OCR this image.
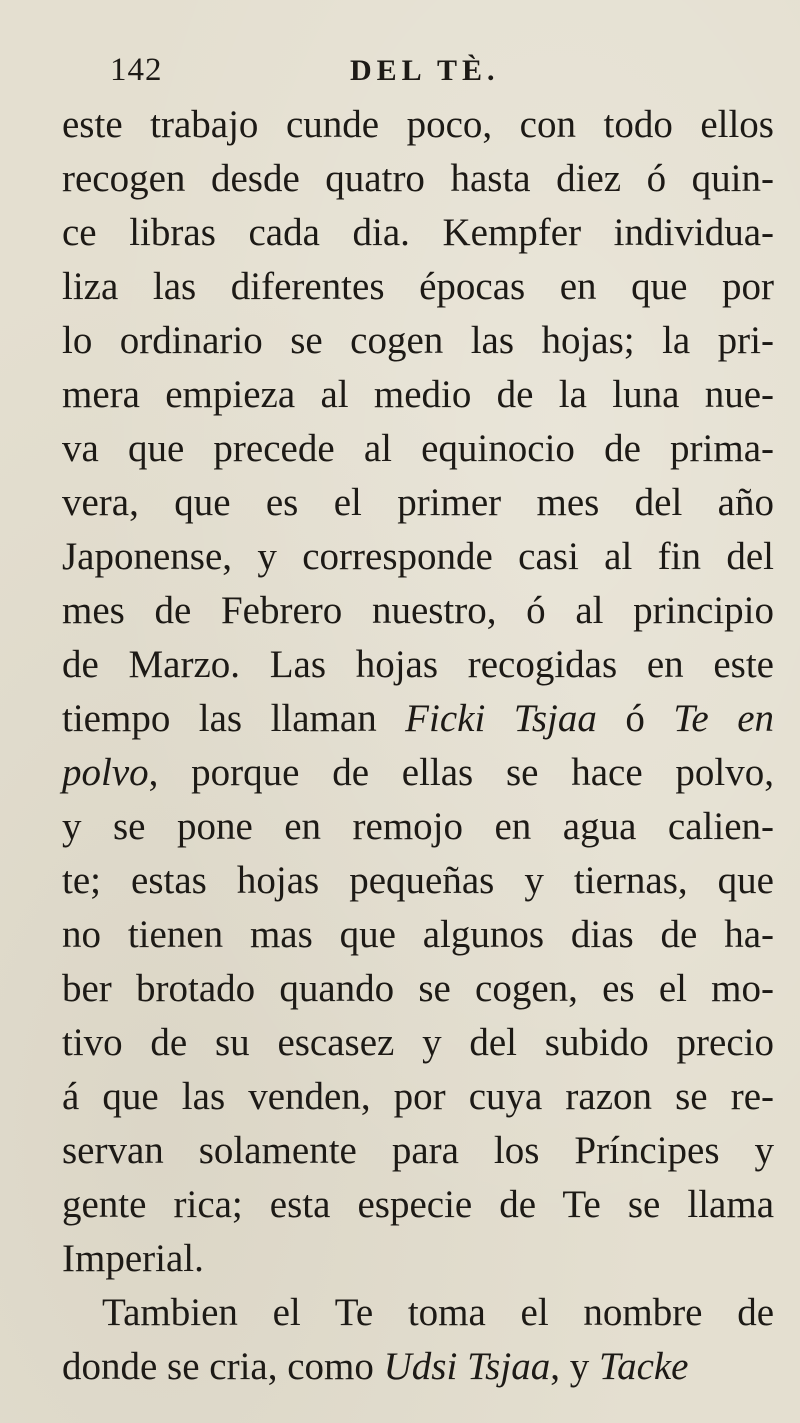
142	DEL TÈ.
este trabajo cunde poco, con todo ellos
recogen desde quatro hasta diez ó quin-
ce libras cada dia. Kempfer individua-
liza las diferentes épocas en que por
lo ordinario se cogen las hojas; la pri-
mera empieza al medio de la luna nue-
va que precede al equinocio de prima-
vera, que es el primer mes del año
Japonense, y corresponde casi al fin del
mes de Febrero nuestro, ó al principio
de Marzo. Las hojas recogidas en este
tiempo las llaman Ficki Tsjaa ó Te en
polvo, porque de ellas se hace polvo,
y se pone en remojo en agua calien-
te; estas hojas pequeñas y tiernas, que
no tienen mas que algunos dias de ha-
ber brotado quando se cogen, es el mo-
tivo de su escasez y del subido precio
á que las venden, por cuya razon se re-
servan solamente para los Príncipes y
gente rica; esta especie de Te se llama
Imperial.
Tambien el Te toma el nombre de
donde se cria, como Udsi Tsjaa, y Tacke
